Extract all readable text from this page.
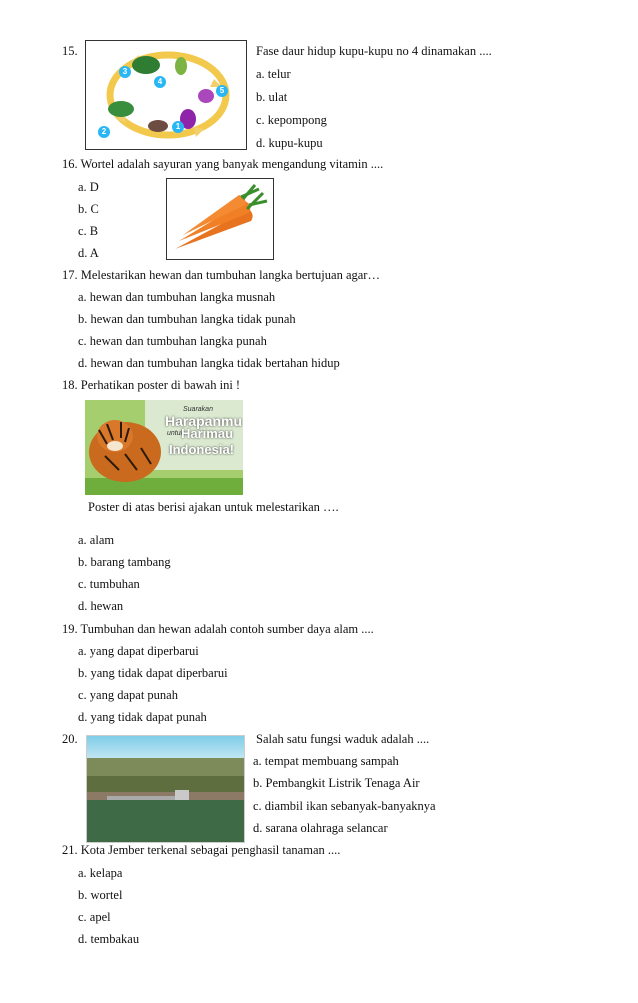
15.
3
4
5
1
2
Fase daur hidup kupu-kupu no 4 dinamakan ....
a. telur
b. ulat
c. kepompong
d. kupu-kupu
16. Wortel adalah sayuran yang banyak mengandung vitamin ....
a. D
b. C
c. B
d. A
17. Melestarikan hewan dan tumbuhan langka bertujuan agar…
a. hewan dan tumbuhan langka musnah
b. hewan dan tumbuhan langka tidak punah
c. hewan dan tumbuhan langka punah
d. hewan dan tumbuhan langka tidak bertahan hidup
18. Perhatikan poster di bawah ini !
Suarakan
Harapanmu
untuk
Harimau
Indonesia!
Poster di atas berisi ajakan untuk melestarikan ….
a. alam
b. barang tambang
c. tumbuhan
d. hewan
19. Tumbuhan dan hewan adalah contoh sumber daya alam ....
a. yang dapat diperbarui
b. yang tidak dapat diperbarui
c. yang dapat punah
d. yang tidak dapat punah
20.	Salah satu fungsi waduk adalah ....
a. tempat membuang sampah
b. Pembangkit Listrik Tenaga Air
c. diambil ikan sebanyak-banyaknya
d. sarana olahraga selancar
21. Kota Jember terkenal sebagai penghasil tanaman ....
a. kelapa
b. wortel
c. apel
d. tembakau
